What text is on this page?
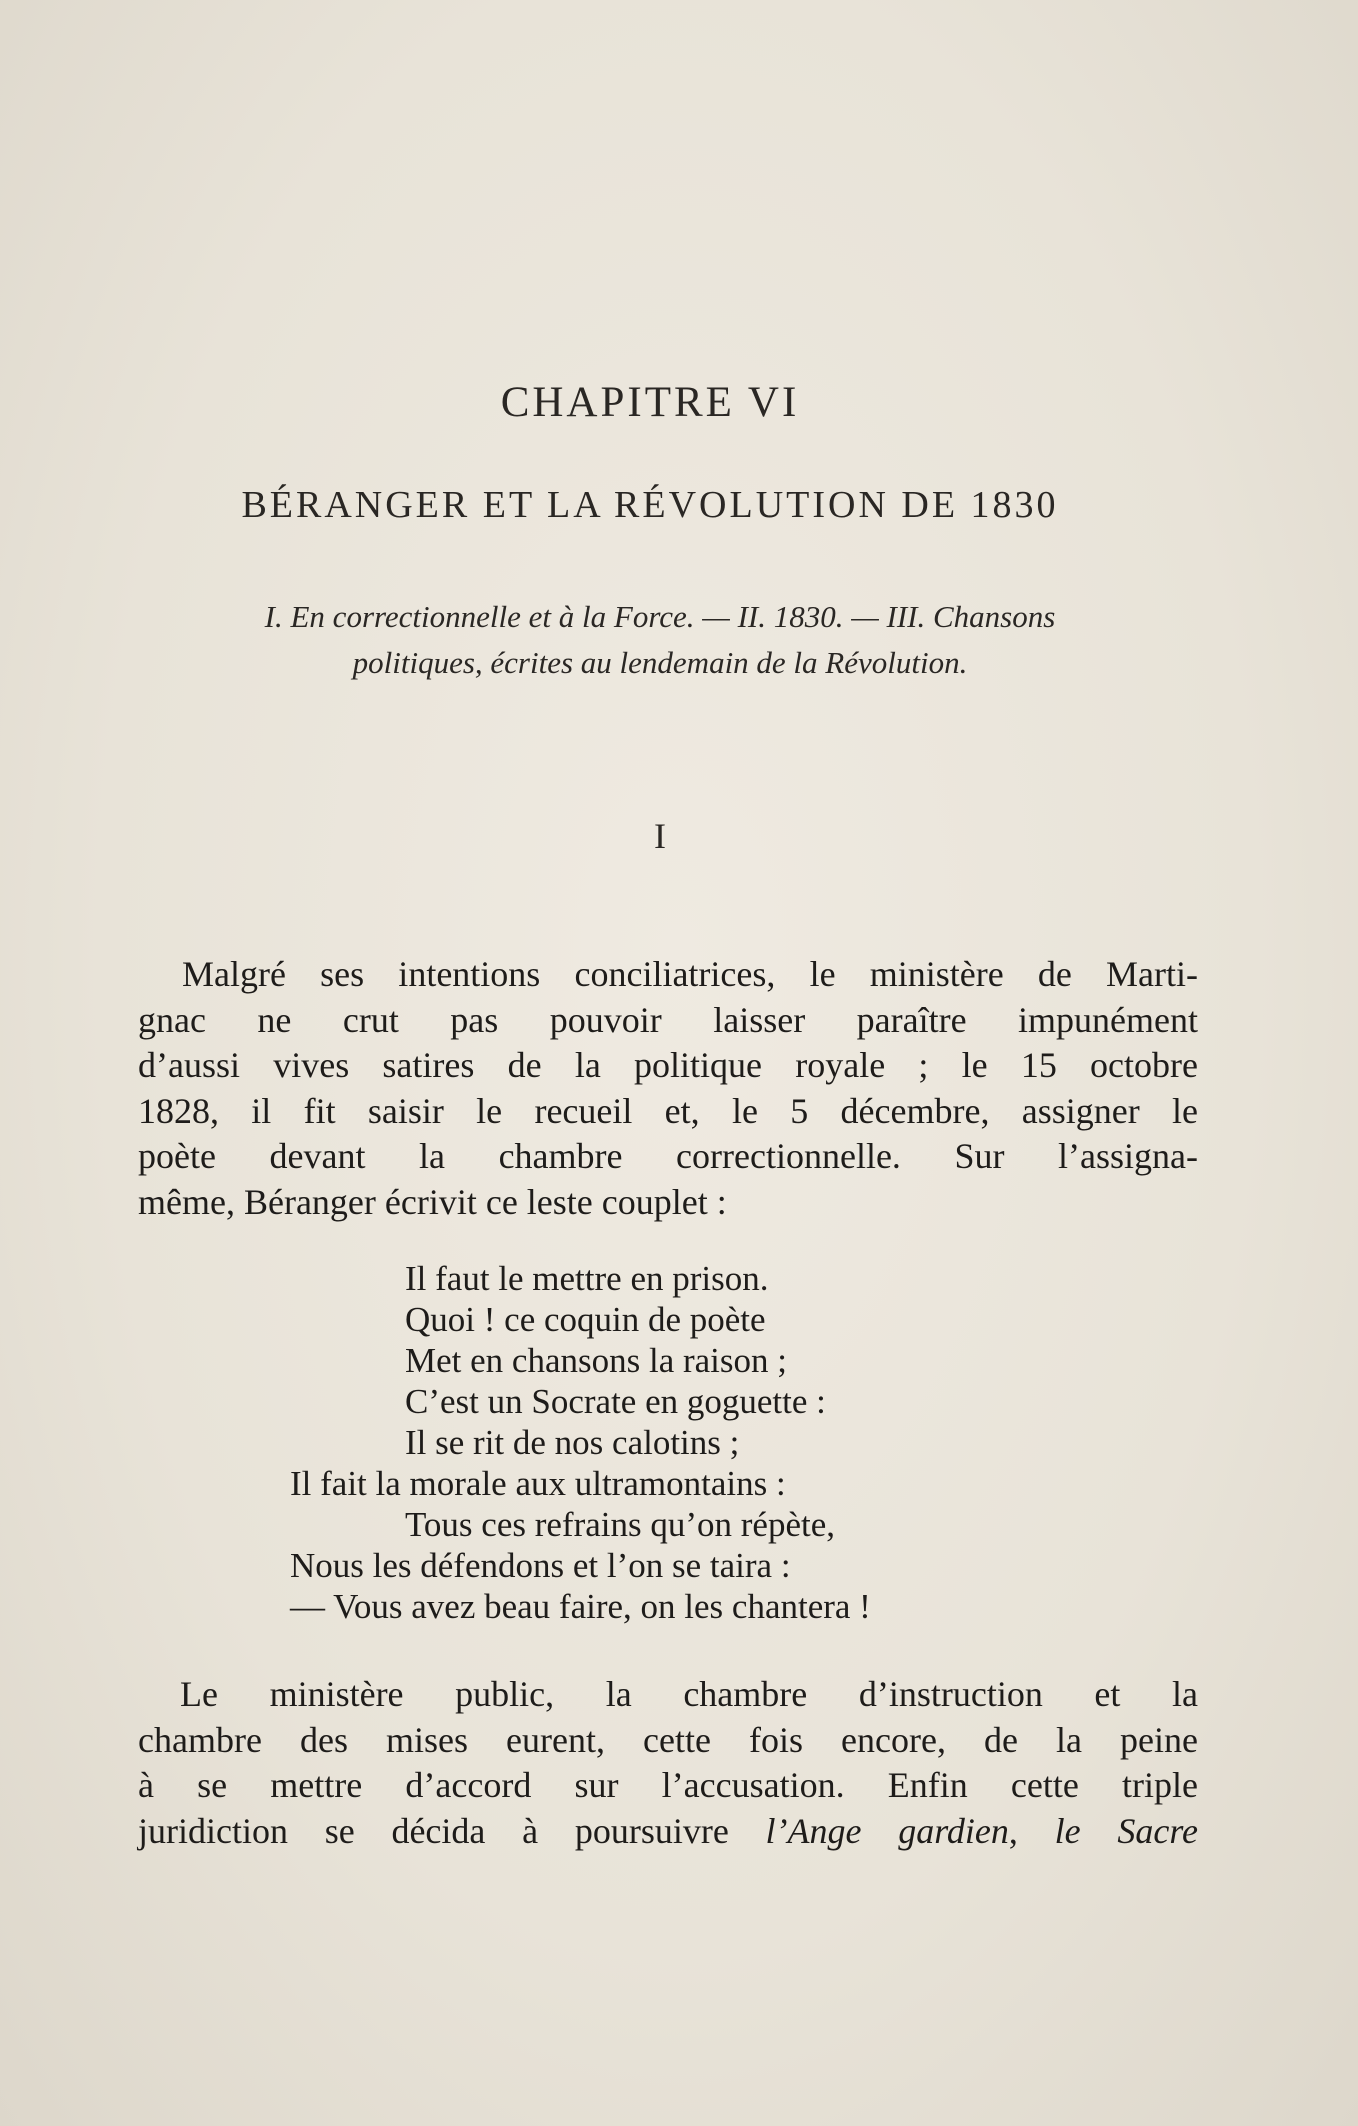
CHAPITRE VI
BÉRANGER ET LA RÉVOLUTION DE 1830
I. En correctionnelle et à la Force. — II. 1830. — III. Chansons
politiques, écrites au lendemain de la Révolution.
I
Malgré ses intentions conciliatrices, le ministère de Marti-
gnac ne crut pas pouvoir laisser paraître impunément
d’aussi vives satires de la politique royale ; le 15 octobre
1828, il fit saisir le recueil et, le 5 décembre, assigner le
poète devant la chambre correctionnelle. Sur l’assigna-
même, Béranger écrivit ce leste couplet :
Il faut le mettre en prison.
Quoi ! ce coquin de poète
Met en chansons la raison ;
C’est un Socrate en goguette :
Il se rit de nos calotins ;
Il fait la morale aux ultramontains :
Tous ces refrains qu’on répète,
Nous les défendons et l’on se taira :
— Vous avez beau faire, on les chantera !
Le ministère public, la chambre d’instruction et la
chambre des mises eurent, cette fois encore, de la peine
à se mettre d’accord sur l’accusation. Enfin cette triple
juridiction se décida à poursuivre l’Ange gardien, le Sacre
